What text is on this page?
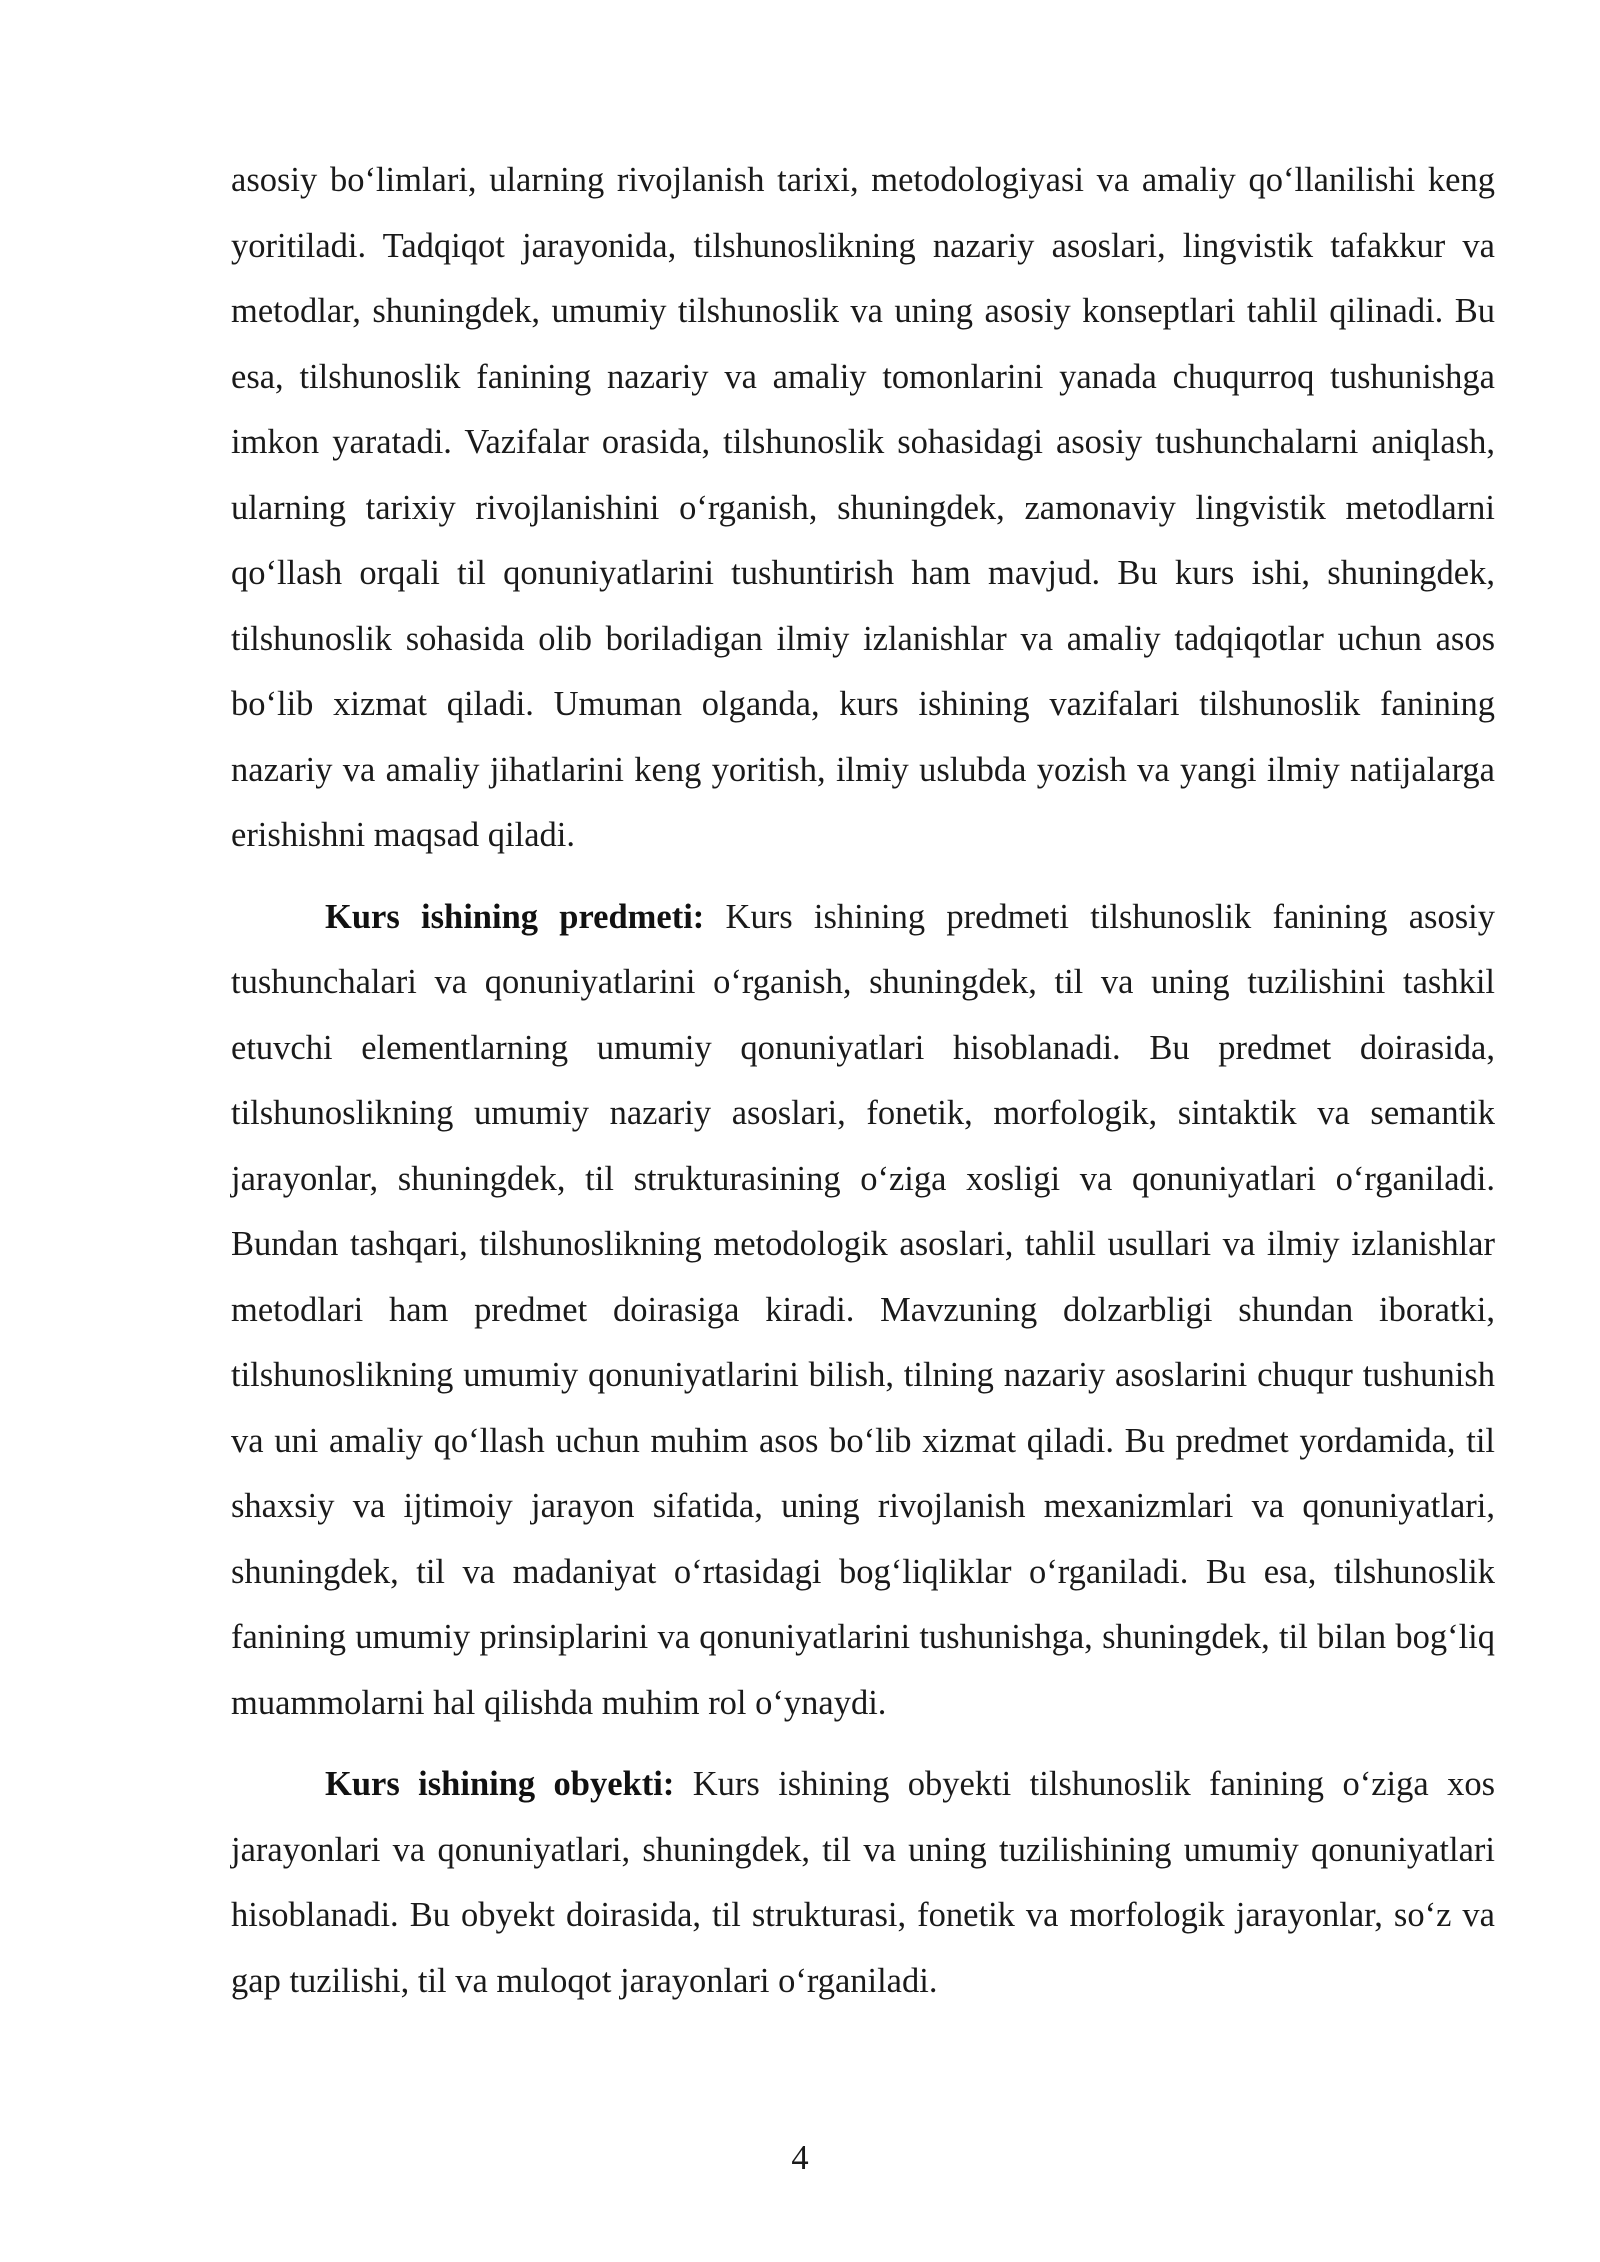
asosiy bo‘limlari, ularning rivojlanish tarixi, metodologiyasi va amaliy qo‘llanilishi keng yoritiladi. Tadqiqot jarayonida, tilshunoslikning nazariy asoslari, lingvistik tafakkur va metodlar, shuningdek, umumiy tilshunoslik va uning asosiy konseptlari tahlil qilinadi. Bu esa, tilshunoslik fanining nazariy va amaliy tomonlarini yanada chuqurroq tushunishga imkon yaratadi. Vazifalar orasida, tilshunoslik sohasidagi asosiy tushunchalarni aniqlash, ularning tarixiy rivojlanishini o‘rganish, shuningdek, zamonaviy lingvistik metodlarni qo‘llash orqali til qonuniyatlarini tushuntirish ham mavjud. Bu kurs ishi, shuningdek, tilshunoslik sohasida olib boriladigan ilmiy izlanishlar va amaliy tadqiqotlar uchun asos bo‘lib xizmat qiladi. Umuman olganda, kurs ishining vazifalari tilshunoslik fanining nazariy va amaliy jihatlarini keng yoritish, ilmiy uslubda yozish va yangi ilmiy natijalarga erishishni maqsad qiladi.

Kurs ishining predmeti: Kurs ishining predmeti tilshunoslik fanining asosiy tushunchalari va qonuniyatlarini o‘rganish, shuningdek, til va uning tuzilishini tashkil etuvchi elementlarning umumiy qonuniyatlari hisoblanadi. Bu predmet doirasida, tilshunoslikning umumiy nazariy asoslari, fonetik, morfologik, sintaktik va semantik jarayonlar, shuningdek, til strukturasining o‘ziga xosligi va qonuniyatlari o‘rganiladi. Bundan tashqari, tilshunoslikning metodologik asoslari, tahlil usullari va ilmiy izlanishlar metodlari ham predmet doirasiga kiradi. Mavzuning dolzarbligi shundan iboratki, tilshunoslikning umumiy qonuniyatlarini bilish, tilning nazariy asoslarini chuqur tushunish va uni amaliy qo‘llash uchun muhim asos bo‘lib xizmat qiladi. Bu predmet yordamida, til shaxsiy va ijtimoiy jarayon sifatida, uning rivojlanish mexanizmlari va qonuniyatlari, shuningdek, til va madaniyat o‘rtasidagi bog‘liqliklar o‘rganiladi. Bu esa, tilshunoslik fanining umumiy prinsiplarini va qonuniyatlarini tushunishga, shuningdek, til bilan bog‘liq muammolarni hal qilishda muhim rol o‘ynaydi.

Kurs ishining obyekti: Kurs ishining obyekti tilshunoslik fanining o‘ziga xos jarayonlari va qonuniyatlari, shuningdek, til va uning tuzilishining umumiy qonuniyatlari hisoblanadi. Bu obyekt doirasida, til strukturasi, fonetik va morfologik jarayonlar, so‘z va gap tuzilishi, til va muloqot jarayonlari o‘rganiladi.

4
